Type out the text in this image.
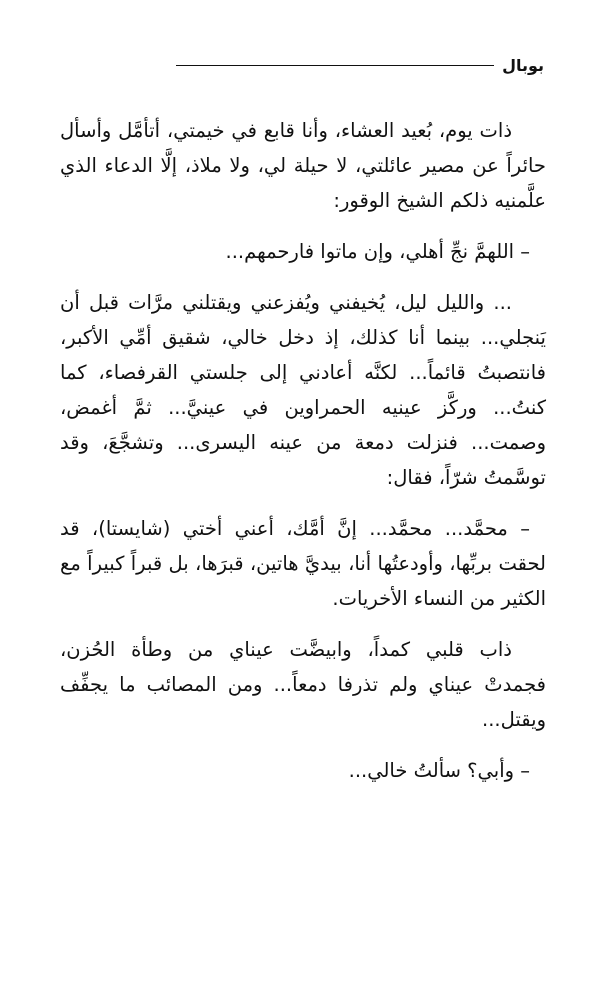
بوبال

ذات يوم، بُعيد العشاء، وأنا قابع في خيمتي، أتأمَّل وأسأل حائراً عن مصير عائلتي، لا حيلة لي، ولا ملاذ، إلَّا الدعاء الذي علَّمنيه ذلكم الشيخ الوقور:

– اللهمَّ نجِّ أهلي، وإن ماتوا فارحمهم...

... والليل ليل، يُخيفني ويُفزعني ويقتلني مرَّات قبل أن يَنجلي... بينما أنا كذلك، إذ دخل خالي، شقيق أمِّي الأكبر، فانتصبتُ قائماً... لكنَّه أعادني إلى جلستي القرفصاء، كما كنتُ... وركَّز عينيه الحمراوين في عينيَّ... ثمَّ أغمض، وصمت... فنزلت دمعة من عينه اليسرى... وتشجَّعَ، وقد توسَّمتُ شرّاً، فقال:

– محمَّد... محمَّد... إنَّ أمَّك، أعني أختي (شايستا)، قد لحقت بربِّها، وأودعتُها أنا، بيديَّ هاتين، قبرَها، بل قبراً كبيراً مع الكثير من النساء الأخريات.

ذاب قلبي كمداً، وابيضَّت عيناي من وطأة الحُزن، فجمدتْ عيناي ولم تذرفا دمعاً... ومن المصائب ما يجفِّف ويقتل...

– وأبي؟ سألتُ خالي...
